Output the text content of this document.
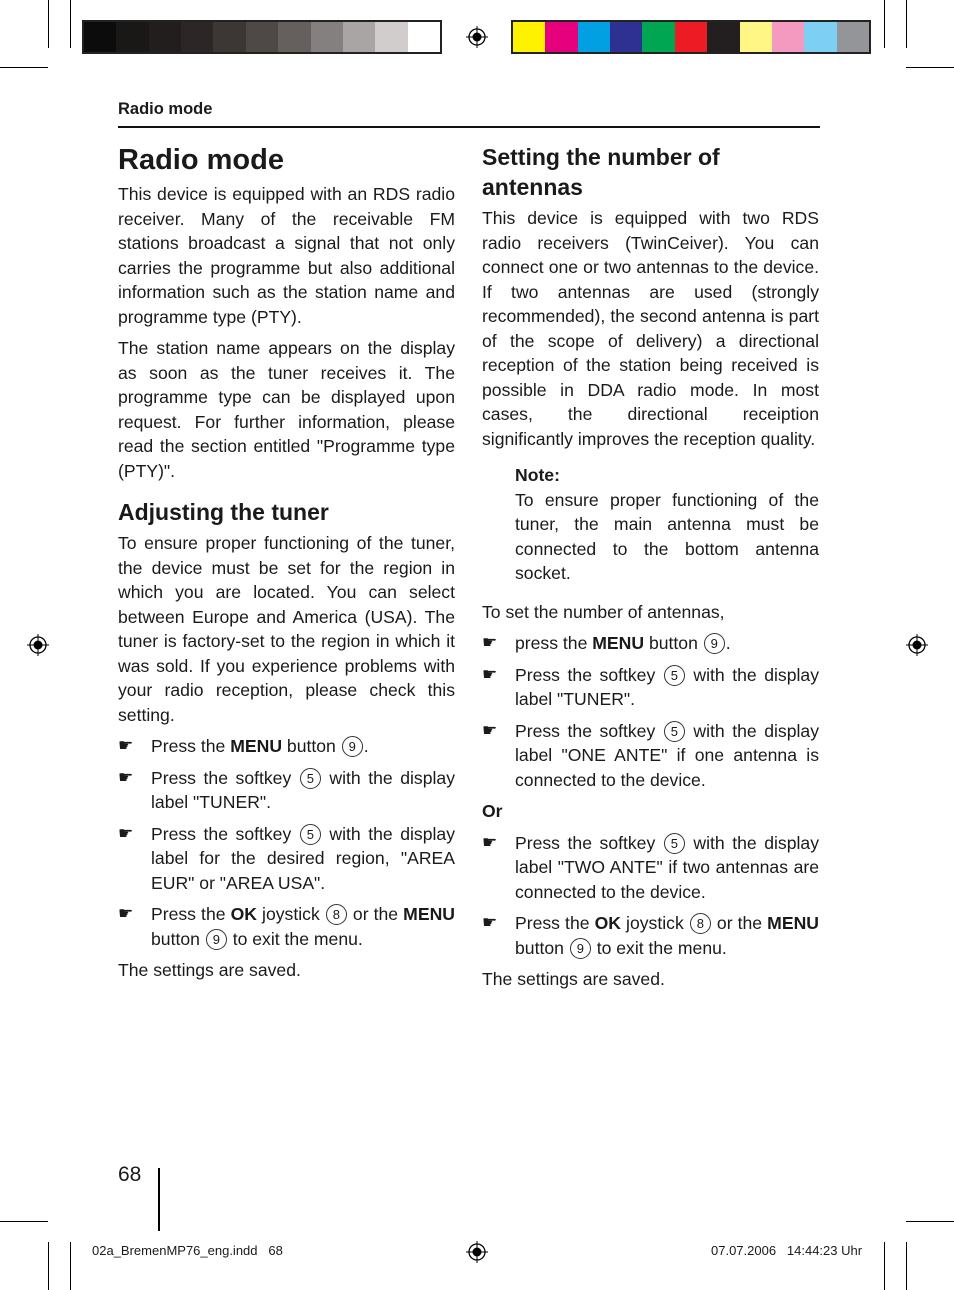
Radio mode
Radio mode

This device is equipped with an RDS radio receiver. Many of the receivable FM stations broadcast a signal that not only carries the programme but also additional information such as the station name and programme type (PTY).

The station name appears on the display as soon as the tuner receives it. The programme type can be displayed upon request. For further information, please read the section entitled "Programme type (PTY)".

Adjusting the tuner

To ensure proper functioning of the tuner, the device must be set for the region in which you are located. You can select between Europe and America (USA). The tuner is factory-set to the region in which it was sold. If you experience problems with your radio reception, please check this setting.

☛ Press the MENU button 9 .
☛ Press the softkey 5 with the display label "TUNER".
☛ Press the softkey 5 with the display label for the desired region, "AREA EUR" or "AREA USA".
☛ Press the OK joystick 8 or the MENU button 9 to exit the menu.

The settings are saved.

Setting the number of antennas

This device is equipped with two RDS radio receivers (TwinCeiver). You can connect one or two antennas to the device. If two antennas are used (strongly recommended), the second antenna is part of the scope of delivery) a directional reception of the station being received is possible in DDA radio mode. In most cases, the directional receiption significantly improves the reception quality.

Note:

To ensure proper functioning of the tuner, the main antenna must be connected to the bottom antenna socket.

To set the number of antennas,

☛ press the MENU button 9 .
☛ Press the softkey 5 with the display label "TUNER".
☛ Press the softkey 5 with the display label "ONE ANTE" if one antenna is connected to the device.
Or
☛ Press the softkey 5 with the display label "TWO ANTE" if two antennas are connected to the device.
☛ Press the OK joystick 8 or the MENU button 9 to exit the menu.

The settings are saved.

68
02a_BremenMP76_eng.indd   68	07.07.2006   14:44:23 Uhr
